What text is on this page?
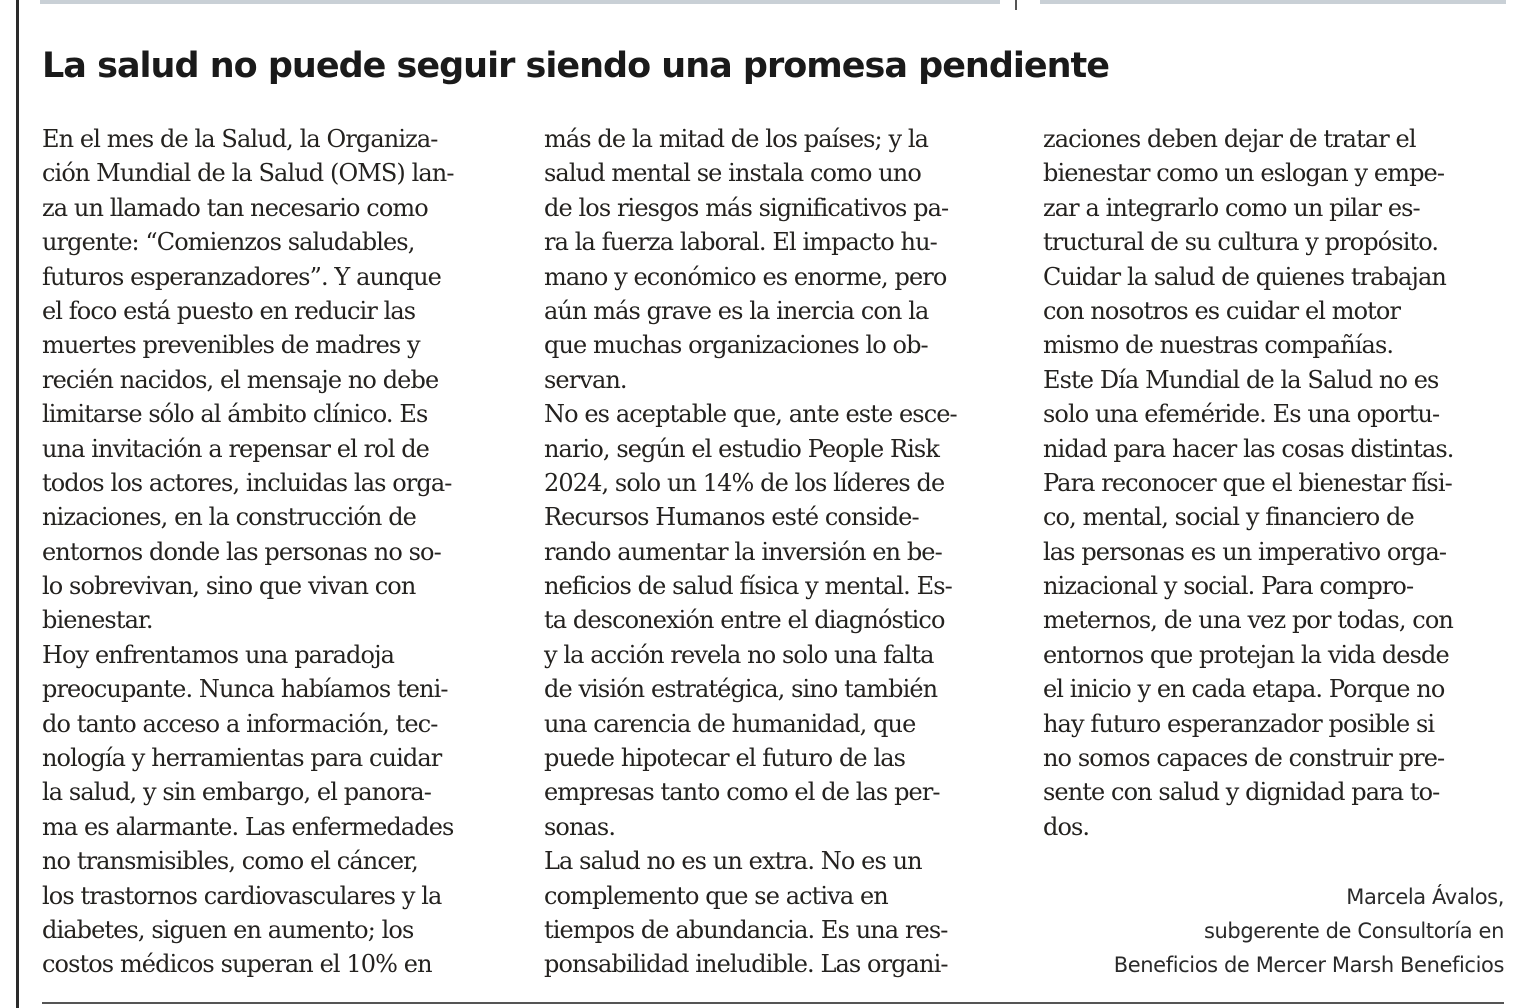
La salud no puede seguir siendo una promesa pendiente
En el mes de la Salud, la Organiza-
ción Mundial de la Salud (OMS) lan-
za un llamado tan necesario como
urgente: “Comienzos saludables,
futuros esperanzadores”. Y aunque
el foco está puesto en reducir las
muertes prevenibles de madres y
recién nacidos, el mensaje no debe
limitarse sólo al ámbito clínico. Es
una invitación a repensar el rol de
todos los actores, incluidas las orga-
nizaciones, en la construcción de
entornos donde las personas no so-
lo sobrevivan, sino que vivan con
bienestar.
Hoy enfrentamos una paradoja
preocupante. Nunca habíamos teni-
do tanto acceso a información, tec-
nología y herramientas para cuidar
la salud, y sin embargo, el panora-
ma es alarmante. Las enfermedades
no transmisibles, como el cáncer,
los trastornos cardiovasculares y la
diabetes, siguen en aumento; los
costos médicos superan el 10% en
más de la mitad de los países; y la
salud mental se instala como uno
de los riesgos más significativos pa-
ra la fuerza laboral. El impacto hu-
mano y económico es enorme, pero
aún más grave es la inercia con la
que muchas organizaciones lo ob-
servan.
No es aceptable que, ante este esce-
nario, según el estudio People Risk
2024, solo un 14% de los líderes de
Recursos Humanos esté conside-
rando aumentar la inversión en be-
neficios de salud física y mental. Es-
ta desconexión entre el diagnóstico
y la acción revela no solo una falta
de visión estratégica, sino también
una carencia de humanidad, que
puede hipotecar el futuro de las
empresas tanto como el de las per-
sonas.
La salud no es un extra. No es un
complemento que se activa en
tiempos de abundancia. Es una res-
ponsabilidad ineludible. Las organi-
zaciones deben dejar de tratar el
bienestar como un eslogan y empe-
zar a integrarlo como un pilar es-
tructural de su cultura y propósito.
Cuidar la salud de quienes trabajan
con nosotros es cuidar el motor
mismo de nuestras compañías.
Este Día Mundial de la Salud no es
solo una efeméride. Es una oportu-
nidad para hacer las cosas distintas.
Para reconocer que el bienestar físi-
co, mental, social y financiero de
las personas es un imperativo orga-
nizacional y social. Para compro-
meternos, de una vez por todas, con
entornos que protejan la vida desde
el inicio y en cada etapa. Porque no
hay futuro esperanzador posible si
no somos capaces de construir pre-
sente con salud y dignidad para to-
dos.
Marcela Ávalos,
subgerente de Consultoría en
Beneficios de Mercer Marsh Beneficios
